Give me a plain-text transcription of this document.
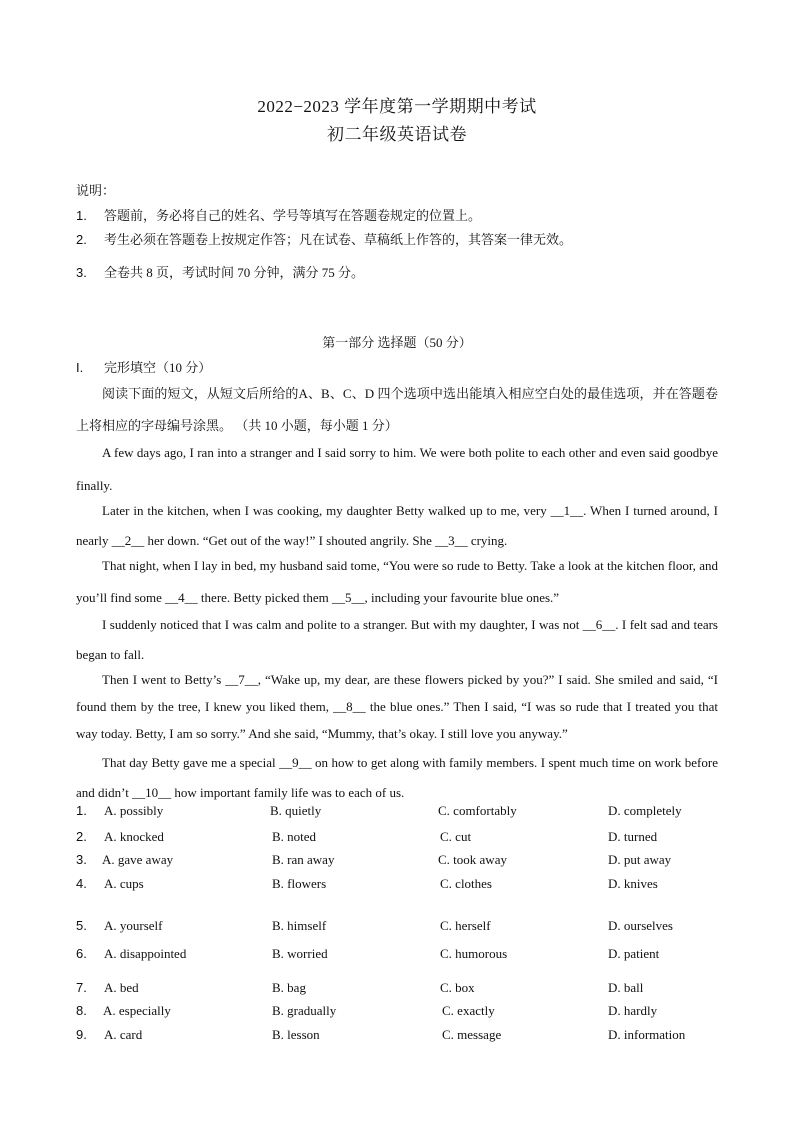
2022−2023 学年度第一学期期中考试
初二年级英语试卷
说明：
1. 答题前，务必将自己的姓名、学号等填写在答题卷规定的位置上。
2. 考生必须在答题卷上按规定作答；凡在试卷、草稿纸上作答的，其答案一律无效。
3. 全卷共 8 页，考试时间 70 分钟，满分 75 分。
第一部分 选择题（50 分）
I. 完形填空（10 分）
阅读下面的短文，从短文后所给的A、B、C、D 四个选项中选出能填入相应空白处的最佳选项，并在答题卷上将相应的字母编号涂黑。 （共 10 小题，每小题 1 分）
A few days ago, I ran into a stranger and I said sorry to him. We were both polite to each other and even said goodbye finally.
Later in the kitchen, when I was cooking, my daughter Betty walked up to me, very __1__. When I turned around, I nearly __2__ her down. “Get out of the way!” I shouted angrily. She __3__ crying.
That night, when I lay in bed, my husband said tome, “You were so rude to Betty. Take a look at the kitchen floor, and you’ll find some __4__ there. Betty picked them __5__, including your favourite blue ones.”
I suddenly noticed that I was calm and polite to a stranger. But with my daughter, I was not __6__. I felt sad and tears began to fall.
Then I went to Betty’s __7__, “Wake up, my dear, are these flowers picked by you?” I said. She smiled and said, “I found them by the tree, I knew you liked them, __8__ the blue ones.” Then I said, “I was so rude that I treated you that way today. Betty, I am so sorry.” And she said, “Mummy, that’s okay. I still love you anyway.”
That day Betty gave me a special __9__ on how to get along with family members. I spent much time on work before and didn’t __10__ how important family life was to each of us.
1. A. possibly	B. quietly	C. comfortably	D. completely
2. A. knocked	B. noted	C. cut	D. turned
3. A. gave away	B. ran away	C. took away	D. put away
4. A. cups	B. flowers	C. clothes	D. knives
5. A. yourself	B. himself	C. herself	D. ourselves
6. A. disappointed	B. worried	C. humorous	D. patient
7. A. bed	B. bag	C. box	D. ball
8. A. especially	B. gradually	C. exactly	D. hardly
9. A. card	B. lesson	C. message	D. information
